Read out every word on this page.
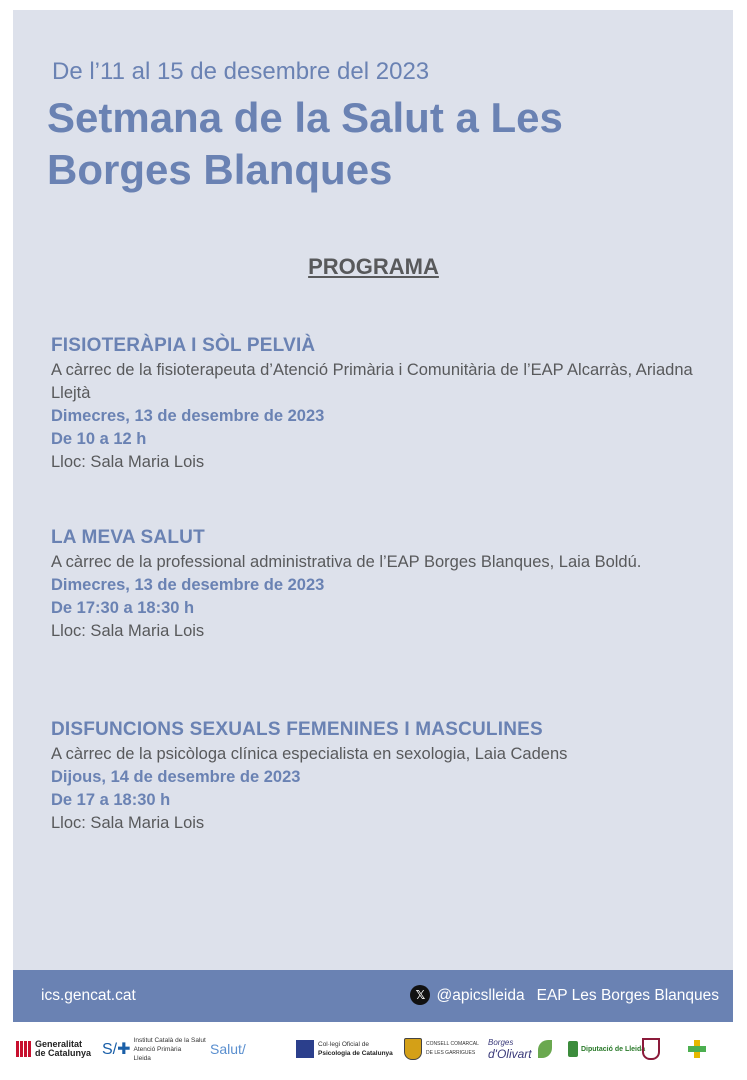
De l’11 al 15 de desembre del 2023
Setmana de la Salut a Les Borges Blanques
PROGRAMA
FISIOTERÀPIA I SÒL PELVIÀ
A càrrec de la fisioterapeuta d’Atenció Primària i Comunitària de l’EAP Alcarràs, Ariadna Llejtà
Dimecres, 13 de desembre de 2023
De 10 a 12 h
Lloc: Sala Maria Lois
LA MEVA SALUT
A càrrec de la professional administrativa de l’EAP Borges Blanques, Laia Boldú.
Dimecres, 13 de desembre de 2023
De 17:30 a 18:30 h
Lloc: Sala Maria Lois
DISFUNCIONS SEXUALS FEMENINES I MASCULINES
A càrrec de la psicòloga clínica especialista en sexologia, Laia Cadens
Dijous, 14 de desembre de 2023
De 17 a 18:30 h
Lloc: Sala Maria Lois
ics.gencat.cat	𝕏 @apicslleida EAP Les Borges Blanques
Generalitat
de Catalunya S/✚
Institut Català de la Salut
Atenció Primària
Lleida
Salut/	Col·legi Oficial de
Psicologia de Catalunya
CONSELL COMARCAL DE LES GARRIGUES
Borges
d'Olivart	Diputació de Lleida
